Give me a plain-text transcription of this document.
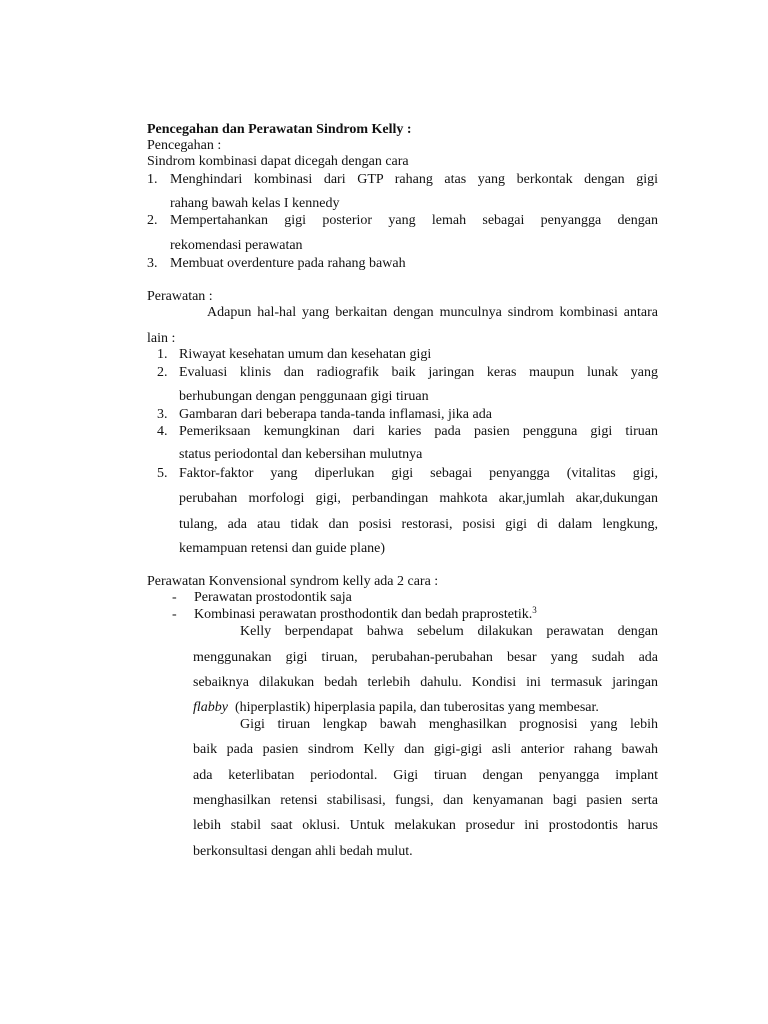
Pencegahan dan Perawatan Sindrom Kelly :
Pencegahan :
Sindrom kombinasi dapat dicegah dengan cara
1. Menghindari kombinasi dari GTP rahang atas yang berkontak dengan gigi
rahang bawah kelas I kennedy
2. Mempertahankan gigi posterior yang lemah sebagai penyangga dengan
rekomendasi perawatan
3. Membuat overdenture pada rahang bawah
Perawatan :
Adapun hal-hal yang berkaitan dengan munculnya sindrom kombinasi antara
lain :
1. Riwayat kesehatan umum dan kesehatan gigi
2. Evaluasi klinis dan radiografik baik jaringan keras maupun lunak yang
berhubungan dengan penggunaan gigi tiruan
3. Gambaran dari beberapa tanda-tanda inflamasi, jika ada
4. Pemeriksaan kemungkinan dari karies pada pasien pengguna gigi tiruan
status periodontal dan kebersihan mulutnya
5. Faktor-faktor yang diperlukan gigi sebagai penyangga (vitalitas gigi,
perubahan morfologi gigi, perbandingan mahkota akar,jumlah akar,dukungan
tulang, ada atau tidak dan posisi restorasi, posisi gigi di dalam lengkung,
kemampuan retensi dan guide plane)
Perawatan Konvensional syndrom kelly ada 2 cara :
- Perawatan prostodontik saja
- Kombinasi perawatan prosthodontik dan bedah praprostetik.$^3$
Kelly berpendapat bahwa sebelum dilakukan perawatan dengan
menggunakan gigi tiruan, perubahan-perubahan besar yang sudah ada
sebaiknya dilakukan bedah terlebih dahulu. Kondisi ini termasuk jaringan
flabby (hiperplastik) hiperplasia papila, dan tuberositas yang membesar.
Gigi tiruan lengkap bawah menghasilkan prognosisi yang lebih
baik pada pasien sindrom Kelly dan gigi-gigi asli anterior rahang bawah
ada keterlibatan periodontal. Gigi tiruan dengan penyangga implant
menghasilkan retensi stabilisasi, fungsi, dan kenyamanan bagi pasien serta
lebih stabil saat oklusi. Untuk melakukan prosedur ini prostodontis harus
berkonsultasi dengan ahli bedah mulut.
